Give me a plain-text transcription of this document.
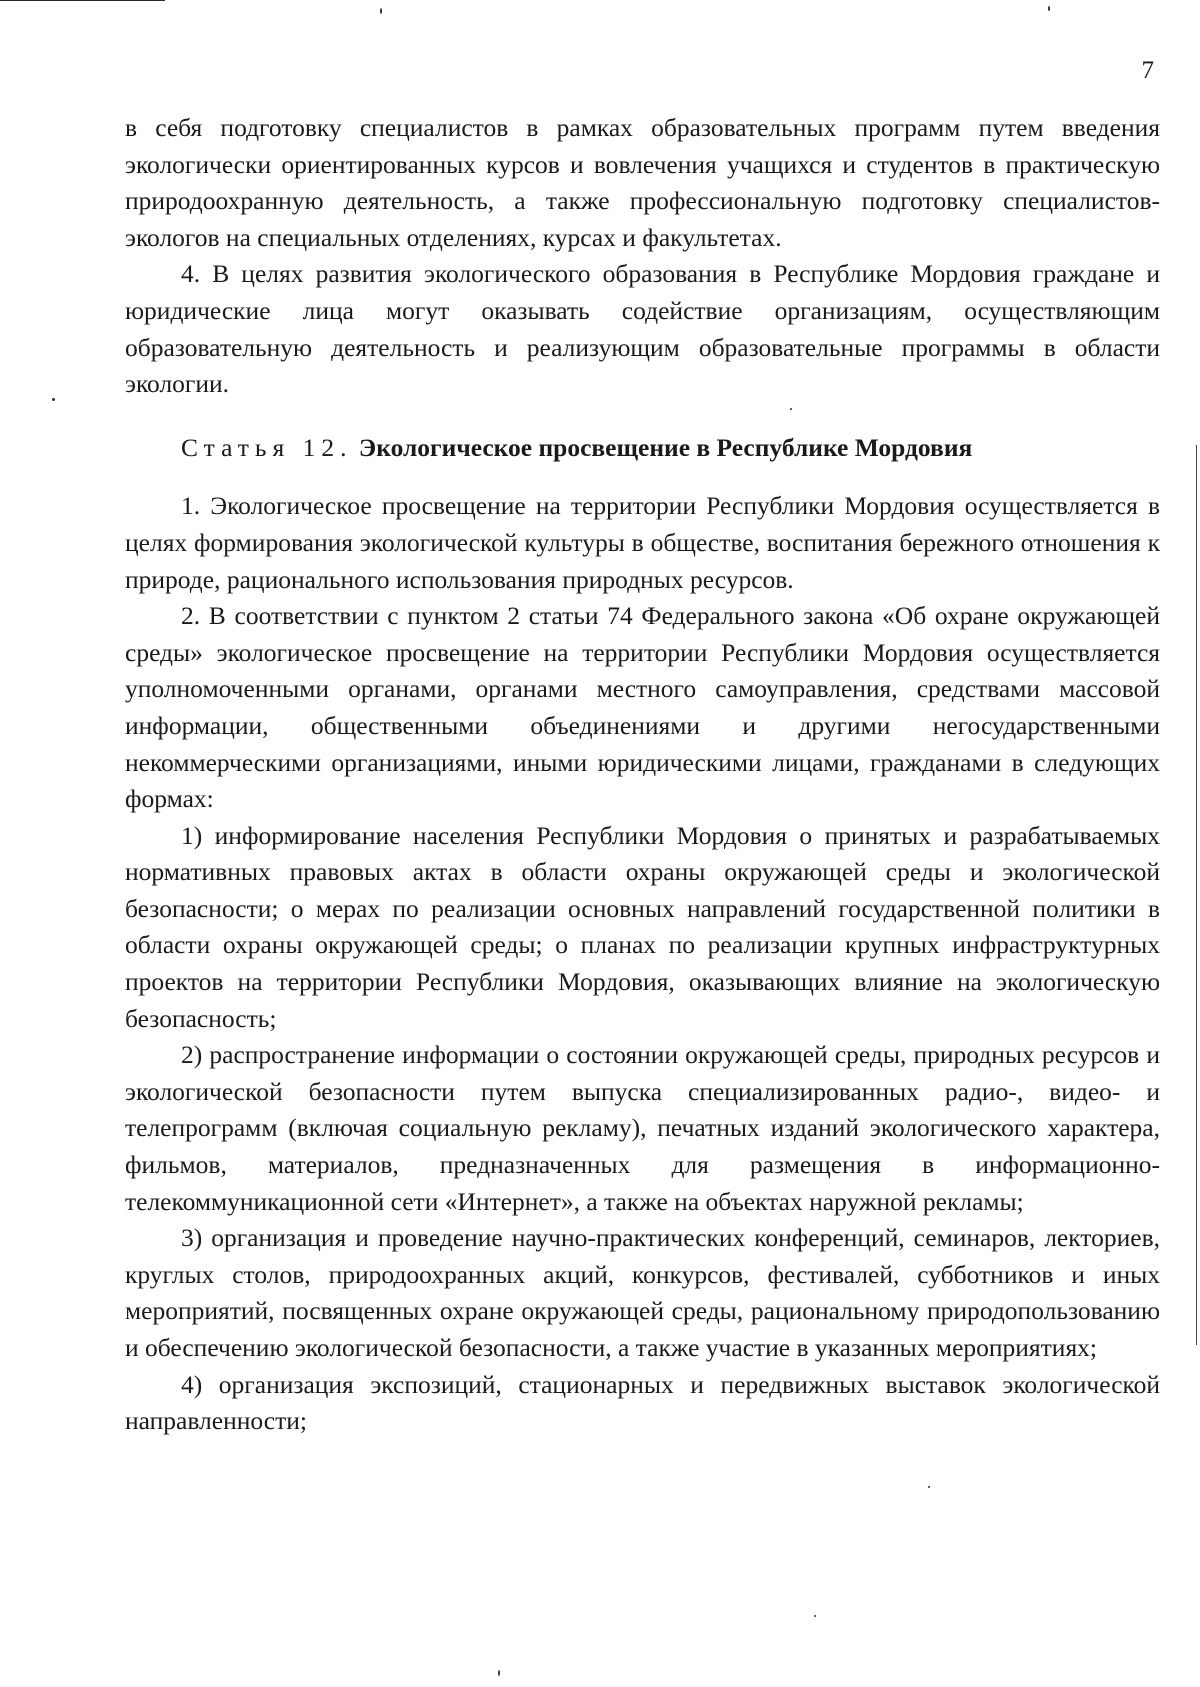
7

в себя подготовку специалистов в рамках образовательных программ путем введения экологически ориентированных курсов и вовлечения учащихся и студентов в практическую природоохранную деятельность, а также профессиональную подготовку специалистов-экологов на специальных отделениях, курсах и факультетах.

4. В целях развития экологического образования в Республике Мордовия граждане и юридические лица могут оказывать содействие организациям, осуществляющим образовательную деятельность и реализующим образовательные программы в области экологии.

Статья 12. Экологическое просвещение в Республике Мордовия

1. Экологическое просвещение на территории Республики Мордовия осуществляется в целях формирования экологической культуры в обществе, воспитания бережного отношения к природе, рационального использования природных ресурсов.

2. В соответствии с пунктом 2 статьи 74 Федерального закона «Об охране окружающей среды» экологическое просвещение на территории Республики Мордовия осуществляется уполномоченными органами, органами местного самоуправления, средствами массовой информации, общественными объединениями и другими негосударственными некоммерческими организациями, иными юридическими лицами, гражданами в следующих формах:

1) информирование населения Республики Мордовия о принятых и разрабатываемых нормативных правовых актах в области охраны окружающей среды и экологической безопасности; о мерах по реализации основных направлений государственной политики в области охраны окружающей среды; о планах по реализации крупных инфраструктурных проектов на территории Республики Мордовия, оказывающих влияние на экологическую безопасность;

2) распространение информации о состоянии окружающей среды, природных ресурсов и экологической безопасности путем выпуска специализированных радио-, видео- и телепрограмм (включая социальную рекламу), печатных изданий экологического характера, фильмов, материалов, предназначенных для размещения в информационно-телекоммуникационной сети «Интернет», а также на объектах наружной рекламы;

3) организация и проведение научно-практических конференций, семинаров, лекториев, круглых столов, природоохранных акций, конкурсов, фестивалей, субботников и иных мероприятий, посвященных охране окружающей среды, рациональному природопользованию и обеспечению экологической безопасности, а также участие в указанных мероприятиях;

4) организация экспозиций, стационарных и передвижных выставок экологической направленности;
